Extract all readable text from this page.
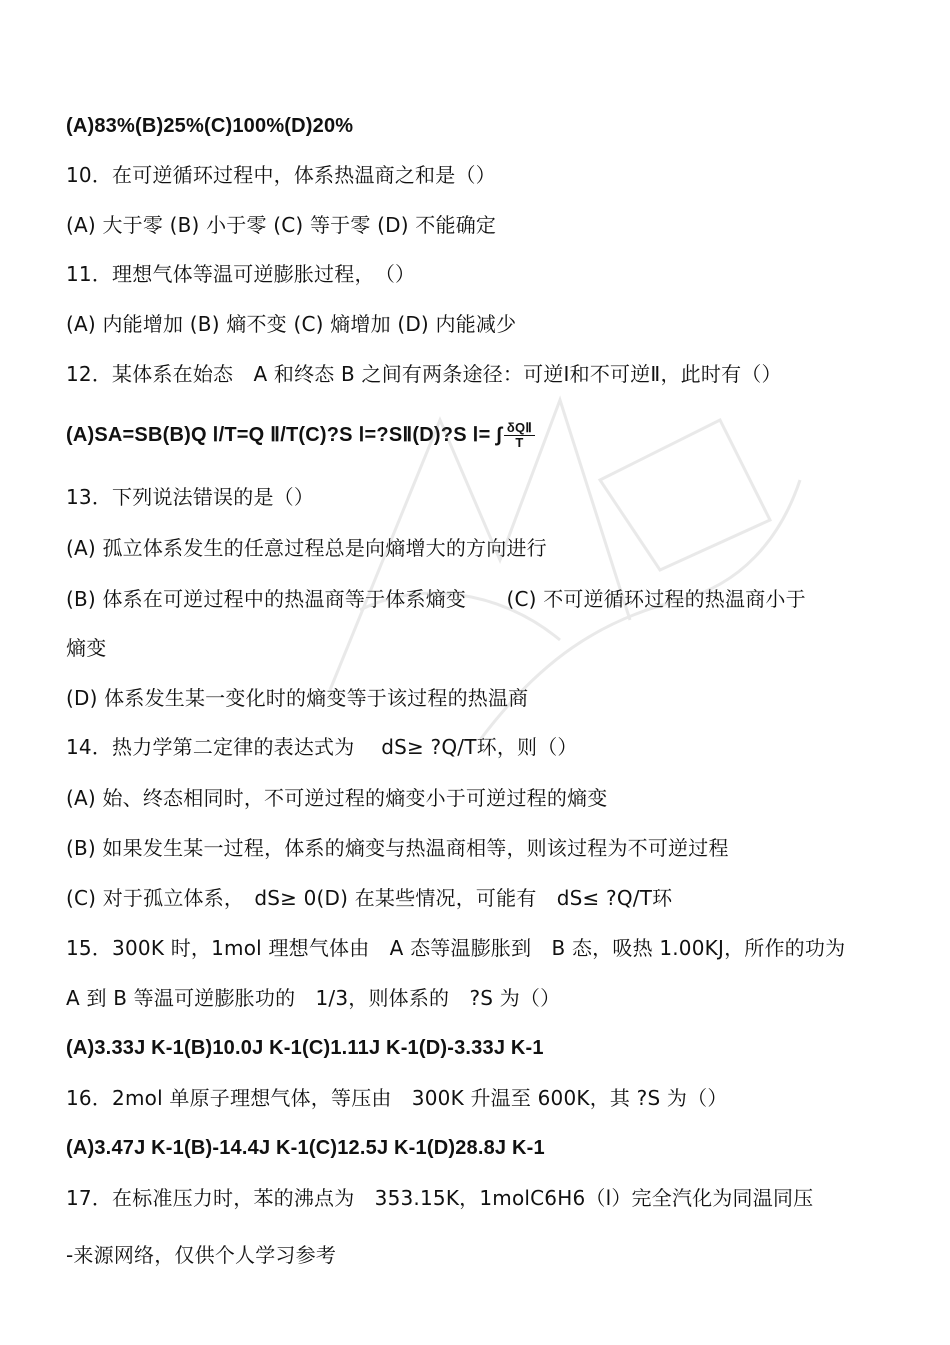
(A)83%(B)25%(C)100%(D)20%
10．在可逆循环过程中，体系热温商之和是（）
(A) 大于零 (B) 小于零 (C) 等于零 (D) 不能确定
11．理想气体等温可逆膨胀过程，　（）
(A) 内能增加 (B) 熵不变 (C) 熵增加 (D) 内能减少
12．某体系在始态　A 和终态 B 之间有两条途径：可逆Ⅰ和不可逆Ⅱ，此时有（）
(A)SA=SB(B)Q Ⅰ/T=Q Ⅱ/T(C)?S Ⅰ=?SⅡ(D)?S Ⅰ= ∫ $\frac{\text{δQⅡ}}{T}$
13．下列说法错误的是（）
(A) 孤立体系发生的任意过程总是向熵增大的方向进行
(B) 体系在可逆过程中的热温商等于体系熵变　　(C) 不可逆循环过程的热温商小于
熵变
(D) 体系发生某一变化时的熵变等于该过程的热温商
14．热力学第二定律的表达式为　 dS≥ ?Q/T环，则（）
(A) 始、终态相同时，不可逆过程的熵变小于可逆过程的熵变
(B) 如果发生某一过程，体系的熵变与热温商相等，则该过程为不可逆过程
(C) 对于孤立体系，　dS≥ 0(D) 在某些情况，可能有　dS≤ ?Q/T环
15．300K 时，1mol 理想气体由　A 态等温膨胀到　B 态，吸热 1.00KJ，所作的功为
A 到 B 等温可逆膨胀功的　1/3，则体系的　?S 为（）
(A)3.33J K-1(B)10.0J K-1(C)1.11J K-1(D)-3.33J K-1
16．2mol 单原子理想气体，等压由　300K 升温至 600K，其 ?S 为（）
(A)3.47J K-1(B)-14.4J K-1(C)12.5J K-1(D)28.8J K-1
17．在标准压力时，苯的沸点为　353.15K，1molC6H6（l）完全汽化为同温同压
-来源网络，仅供个人学习参考
